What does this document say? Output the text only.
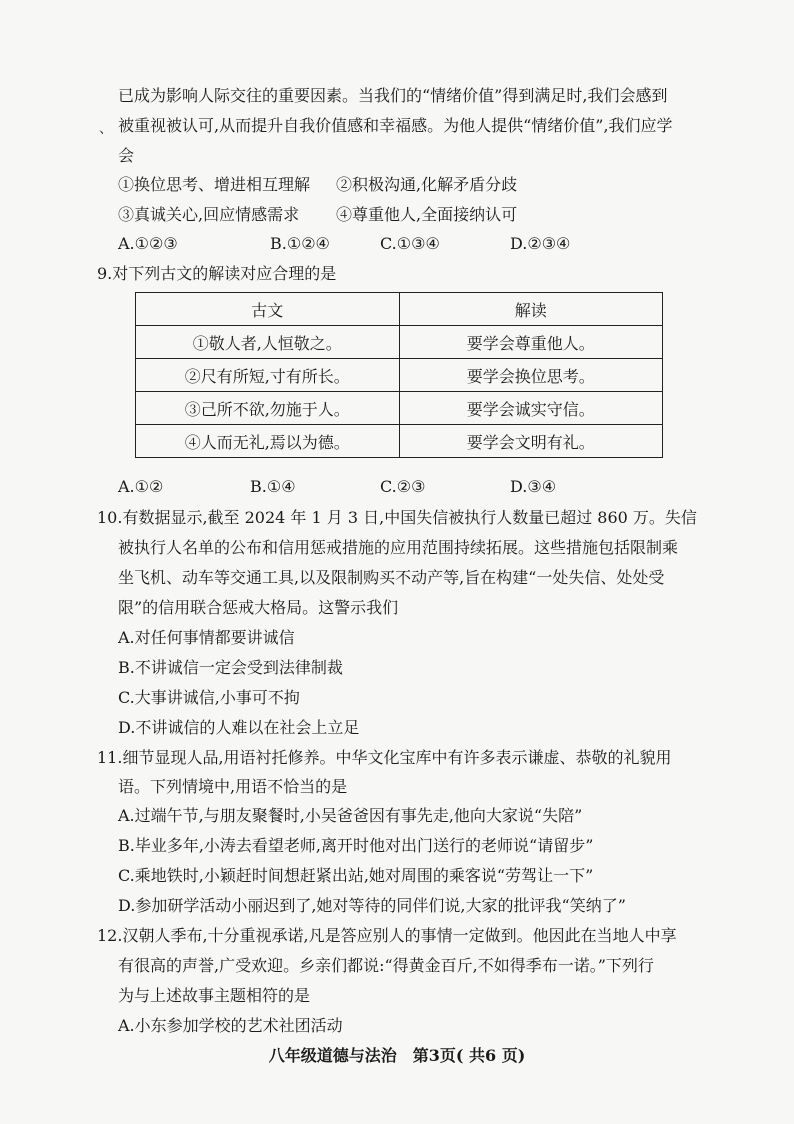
已成为影响人际交往的重要因素。当我们的“情绪价值”得到满足时,我们会感到
、 被重视被认可,从而提升自我价值感和幸福感。为他人提供“情绪价值”,我们应学
会
①换位思考、增进相互理解 ②积极沟通,化解矛盾分歧
③真诚关心,回应情感需求 ④尊重他人,全面接纳认可
A.①②③	B.①②④	C.①③④	D.②③④
9.对下列古文的解读对应合理的是
古文	解读
①敬人者,人恒敬之。	要学会尊重他人。
②尺有所短,寸有所长。	要学会换位思考。
③己所不欲,勿施于人。	要学会诚实守信。
④人而无礼,焉以为德。	要学会文明有礼。
A.①②	B.①④	C.②③	D.③④
10.有数据显示,截至 2024 年 1 月 3 日,中国失信被执行人数量已超过 860 万。失信
被执行人名单的公布和信用惩戒措施的应用范围持续拓展。这些措施包括限制乘
坐飞机、动车等交通工具,以及限制购买不动产等,旨在构建“一处失信、处处受
限”的信用联合惩戒大格局。这警示我们
A.对任何事情都要讲诚信
B.不讲诚信一定会受到法律制裁
C.大事讲诚信,小事可不拘
D.不讲诚信的人难以在社会上立足
11.细节显现人品,用语衬托修养。中华文化宝库中有许多表示谦虚、恭敬的礼貌用
语。下列情境中,用语不恰当的是
A.过端午节,与朋友聚餐时,小吴爸爸因有事先走,他向大家说“失陪”
B.毕业多年,小涛去看望老师,离开时他对出门送行的老师说“请留步”
C.乘地铁时,小颖赶时间想赶紧出站,她对周围的乘客说“劳驾让一下”
D.参加研学活动小丽迟到了,她对等待的同伴们说,大家的批评我“笑纳了”
12.汉朝人季布,十分重视承诺,凡是答应别人的事情一定做到。他因此在当地人中享
有很高的声誉,广受欢迎。乡亲们都说:“得黄金百斤,不如得季布一诺。”下列行
为与上述故事主题相符的是
A.小东参加学校的艺术社团活动
八年级道德与法治　第3页( 共6 页)
